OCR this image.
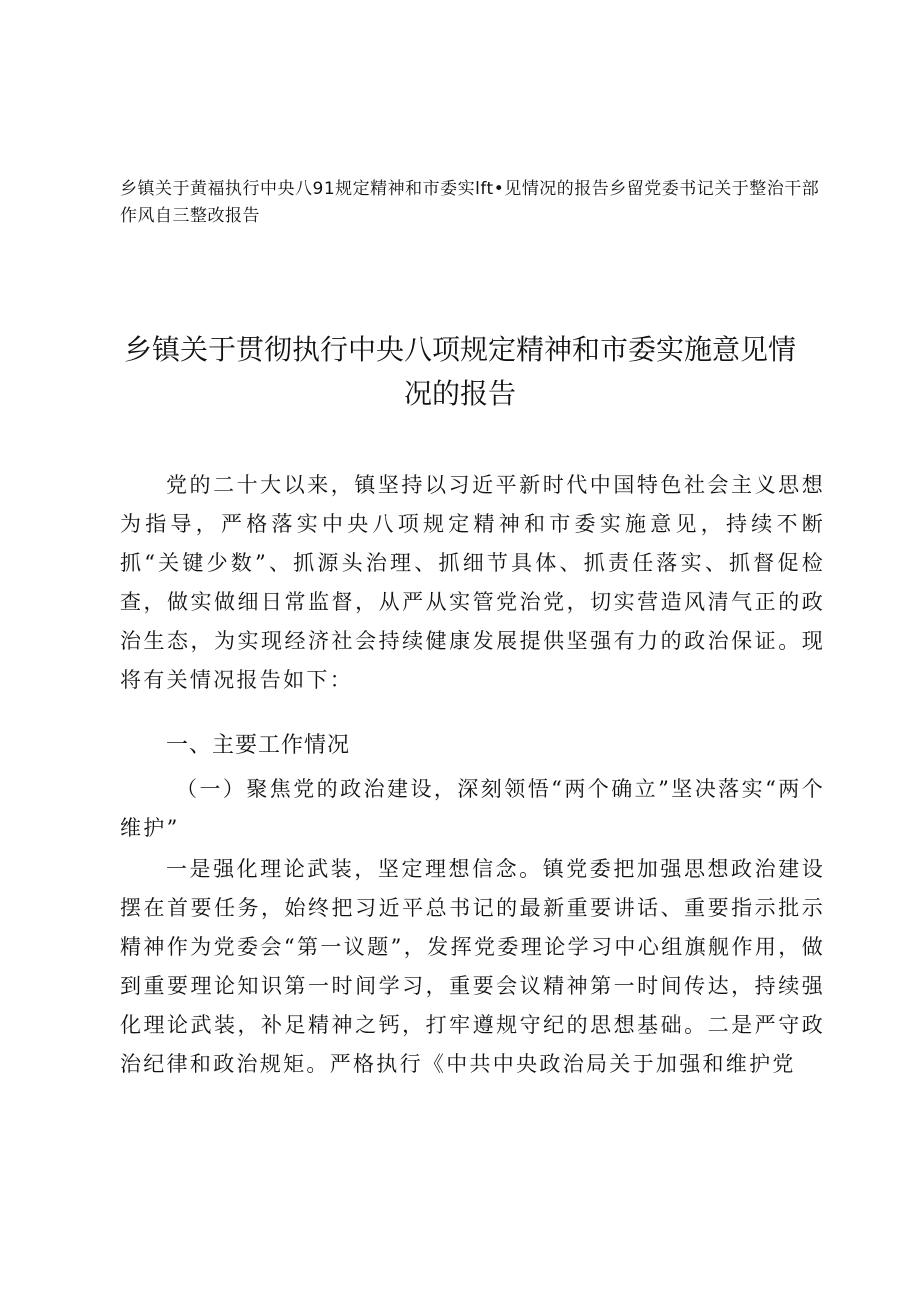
乡镇关于黄福执行中央八91规定精神和市委实lft•见情况的报告乡留党委书记关于整治干部作风自三整改报告
乡镇关于贯彻执行中央八项规定精神和市委实施意见情况的报告
党的二十大以来，镇坚持以习近平新时代中国特色社会主义思想为指导，严格落实中央八项规定精神和市委实施意见，持续不断抓“关键少数”、抓源头治理、抓细节具体、抓责任落实、抓督促检查，做实做细日常监督，从严从实管党治党，切实营造风清气正的政治生态，为实现经济社会持续健康发展提供坚强有力的政治保证。现将有关情况报告如下：
一、主要工作情况
（一）聚焦党的政治建设，深刻领悟“两个确立”坚决落实“两个维护”
一是强化理论武装，坚定理想信念。镇党委把加强思想政治建设摆在首要任务，始终把习近平总书记的最新重要讲话、重要指示批示精神作为党委会“第一议题”，发挥党委理论学习中心组旗舰作用，做到重要理论知识第一时间学习，重要会议精神第一时间传达，持续强化理论武装，补足精神之钙，打牢遵规守纪的思想基础。二是严守政治纪律和政治规矩。严格执行《中共中央政治局关于加强和维护党
